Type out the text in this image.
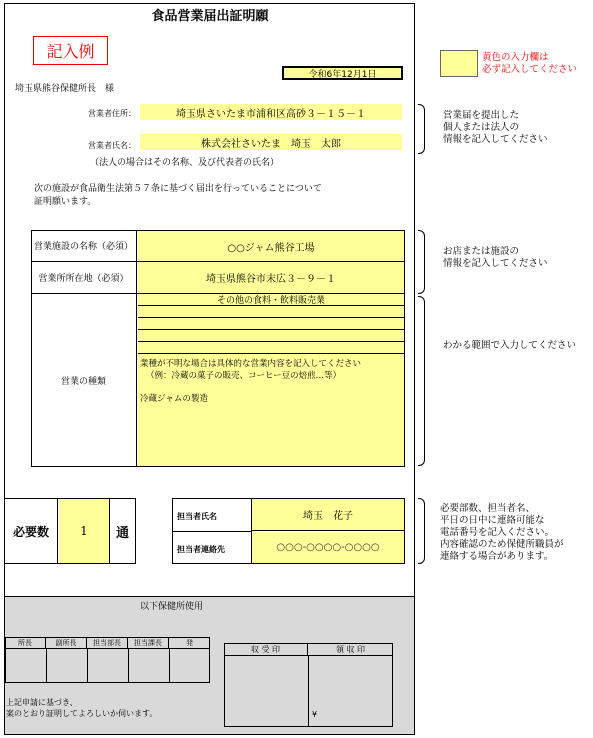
食品営業届出証明願
記入例
令和6年12月1日
埼玉県熊谷保健所長　様
営業者住所：	埼玉県さいたま市浦和区高砂３－１５－１
営業者氏名：	株式会社さいたま　埼玉　太郎
（法人の場合はその名称、及び代表者の氏名）
次の施設が食品衛生法第５７条に基づく届出を行っていることについて
証明願います。
営業施設の名称（必須）	○○ジャム熊谷工場
営業所所在地（必須）	埼玉県熊谷市末広３－９－１
営業の種類
その他の食料・飲料販売業
業種が不明な場合は具体的な営業内容を記入してください
（例：冷蔵の菓子の販売、コーヒー豆の焙煎…等）
冷蔵ジャムの製造
必要数	1	通
担当者氏名	埼玉　花子
担当者連絡先	○○○-○○○○-○○○○
以下保健所使用
所長	副所長	担当部長	担当課長	発
収 受 印	領 収 印
¥
上記申請に基づき、
案のとおり証明してよろしいか伺います。
黄色の入力欄は
必ず記入してください
営業届を提出した
個人または法人の
情報を記入してください
お店または施設の
情報を記入してください
わかる範囲で入力してください
必要部数、担当者名、
平日の日中に連絡可能な
電話番号を記入ください。
内容確認のため保健所職員が
連絡する場合があります。
